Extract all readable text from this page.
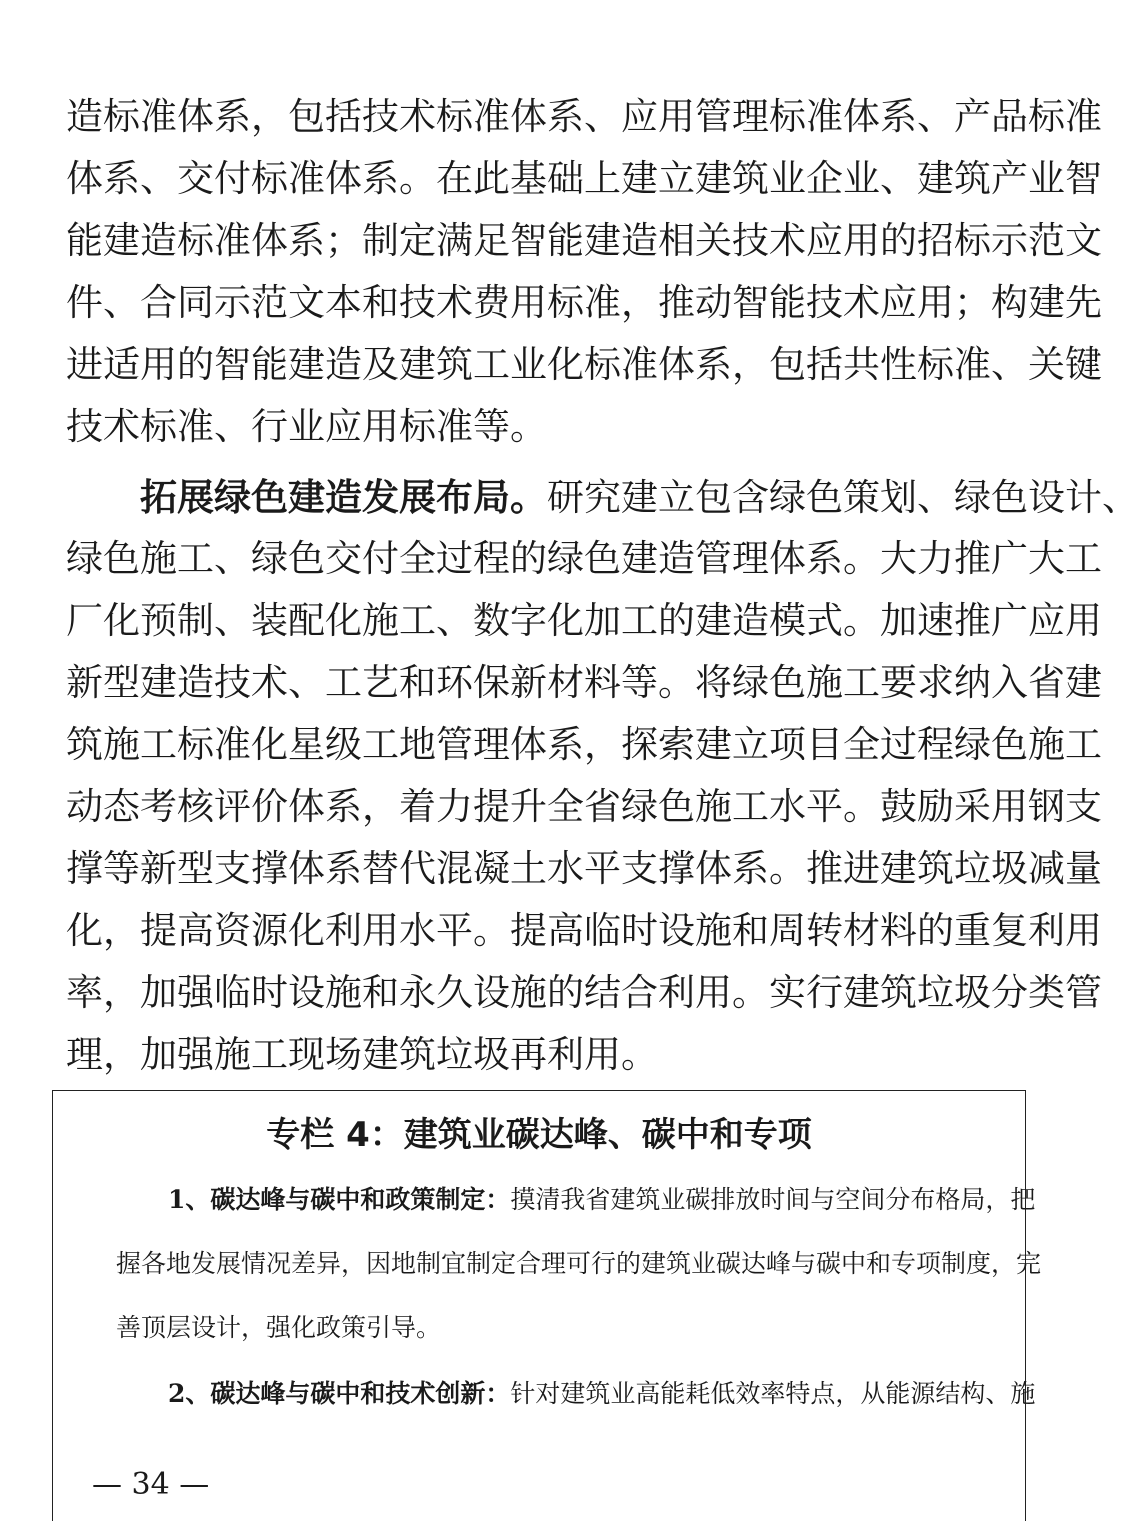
造标准体系，包括技术标准体系、应用管理标准体系、产品标准
体系、交付标准体系。在此基础上建立建筑业企业、建筑产业智
能建造标准体系；制定满足智能建造相关技术应用的招标示范文
件、合同示范文本和技术费用标准，推动智能技术应用；构建先
进适用的智能建造及建筑工业化标准体系，包括共性标准、关键
技术标准、行业应用标准等。
拓展绿色建造发展布局。研究建立包含绿色策划、绿色设计、
绿色施工、绿色交付全过程的绿色建造管理体系。大力推广大工
厂化预制、装配化施工、数字化加工的建造模式。加速推广应用
新型建造技术、工艺和环保新材料等。将绿色施工要求纳入省建
筑施工标准化星级工地管理体系，探索建立项目全过程绿色施工
动态考核评价体系，着力提升全省绿色施工水平。鼓励采用钢支
撑等新型支撑体系替代混凝土水平支撑体系。推进建筑垃圾减量
化，提高资源化利用水平。提高临时设施和周转材料的重复利用
率，加强临时设施和永久设施的结合利用。实行建筑垃圾分类管
理，加强施工现场建筑垃圾再利用。
专栏 4：建筑业碳达峰、碳中和专项
1、碳达峰与碳中和政策制定：摸清我省建筑业碳排放时间与空间分布格局，把
握各地发展情况差异，因地制宜制定合理可行的建筑业碳达峰与碳中和专项制度，完
善顶层设计，强化政策引导。
2、碳达峰与碳中和技术创新：针对建筑业高能耗低效率特点，从能源结构、施
— 34 —
